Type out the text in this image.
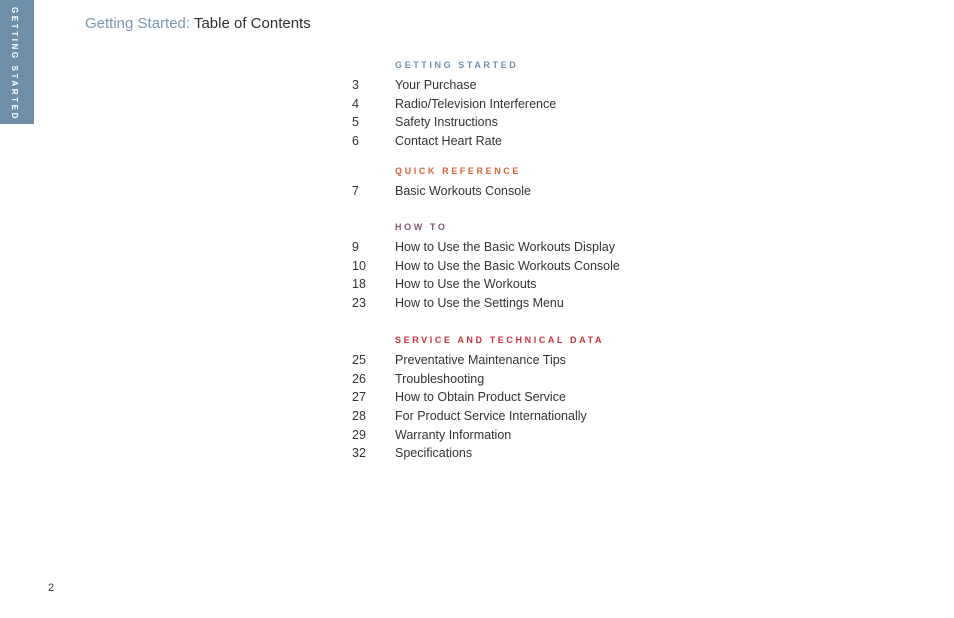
GETTING STARTED	Getting Started: Table of Contents
GETTING STARTED
3	Your Purchase
4	Radio/Television Interference
5	Safety Instructions
6	Contact Heart Rate
QUICK REFERENCE
7	Basic Workouts Console
HOW TO
9	How to Use the Basic Workouts Display
10	How to Use the Basic Workouts Console
18	How to Use the Workouts
23	How to Use the Settings Menu
SERVICE AND TECHNICAL DATA
25	Preventative Maintenance Tips
26	Troubleshooting
27	How to Obtain Product Service
28	For Product Service Internationally
29	Warranty Information
32	Specifications
2
